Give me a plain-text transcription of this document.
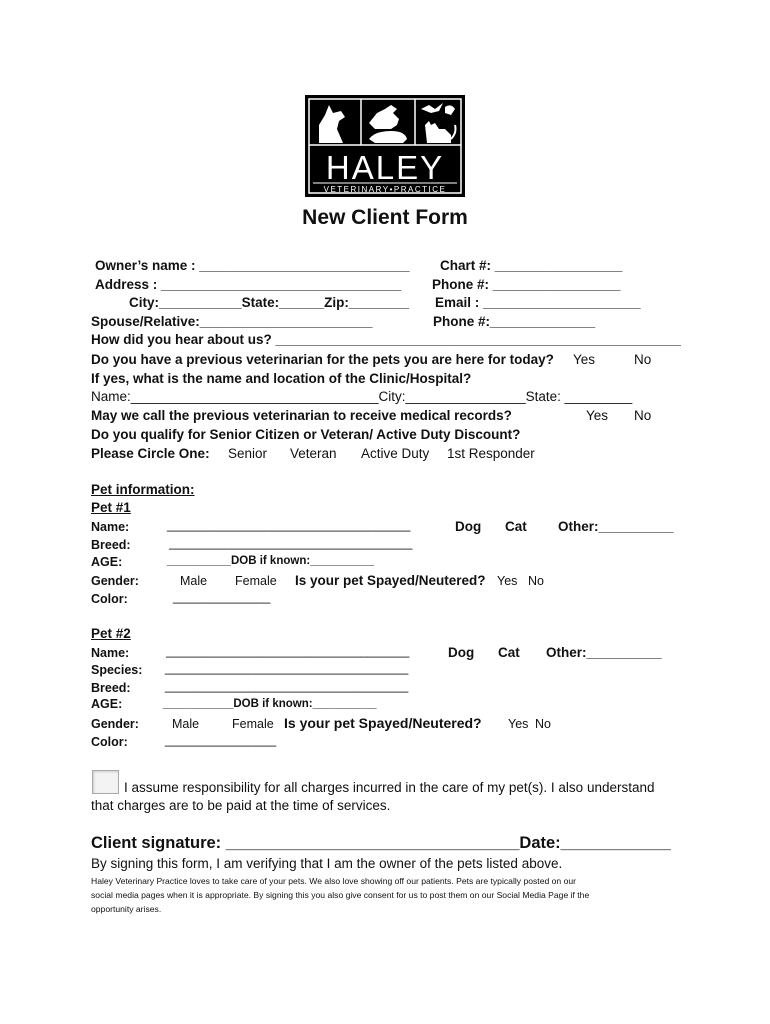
HALEY
VETERINARY•PRACTICE
New Client Form
Owner’s name : ____________________________ Chart #: _________________
Address : ________________________________ Phone #: _________________
City:___________State:______Zip:________ Email : _____________________
Spouse/Relative:_______________________	Phone #:______________
How did you hear about us? ______________________________________________________
Do you have a previous veterinarian for the pets you are here for today? Yes	No
If yes, what is the name and location of the Clinic/Hospital?
Name:_________________________________City:________________State: _________
May we call the previous veterinarian to receive medical records?	Yes No
Do you qualify for Senior Citizen or Veteran/ Active Duty Discount?
Please Circle One: Senior Veteran Active Duty 1st Responder
Pet information:
Pet #1
Name:	___________________________________	Dog Cat Other:__________
Breed:	___________________________________
AGE:	__________DOB if known:__________
Gender:	Male Female Is your pet Spayed/Neutered? Yes No
Color:	______________
Pet #2
Name:	___________________________________	Dog Cat Other:__________
Species: ___________________________________
Breed:	___________________________________
AGE:	___________DOB if known:__________
Gender:	Male	Female Is your pet Spayed/Neutered? Yes No
Color:	________________
I assume responsibility for all charges incurred in the care of my pet(s). I also understand
that charges are to be paid at the time of services.
Client signature: ________________________________Date:____________
By signing this form, I am verifying that I am the owner of the pets listed above.
Haley Veterinary Practice loves to take care of your pets. We also love showing off our patients. Pets are typically posted on our
social media pages when it is appropriate. By signing this you also give consent for us to post them on our Social Media Page if the
opportunity arises.
